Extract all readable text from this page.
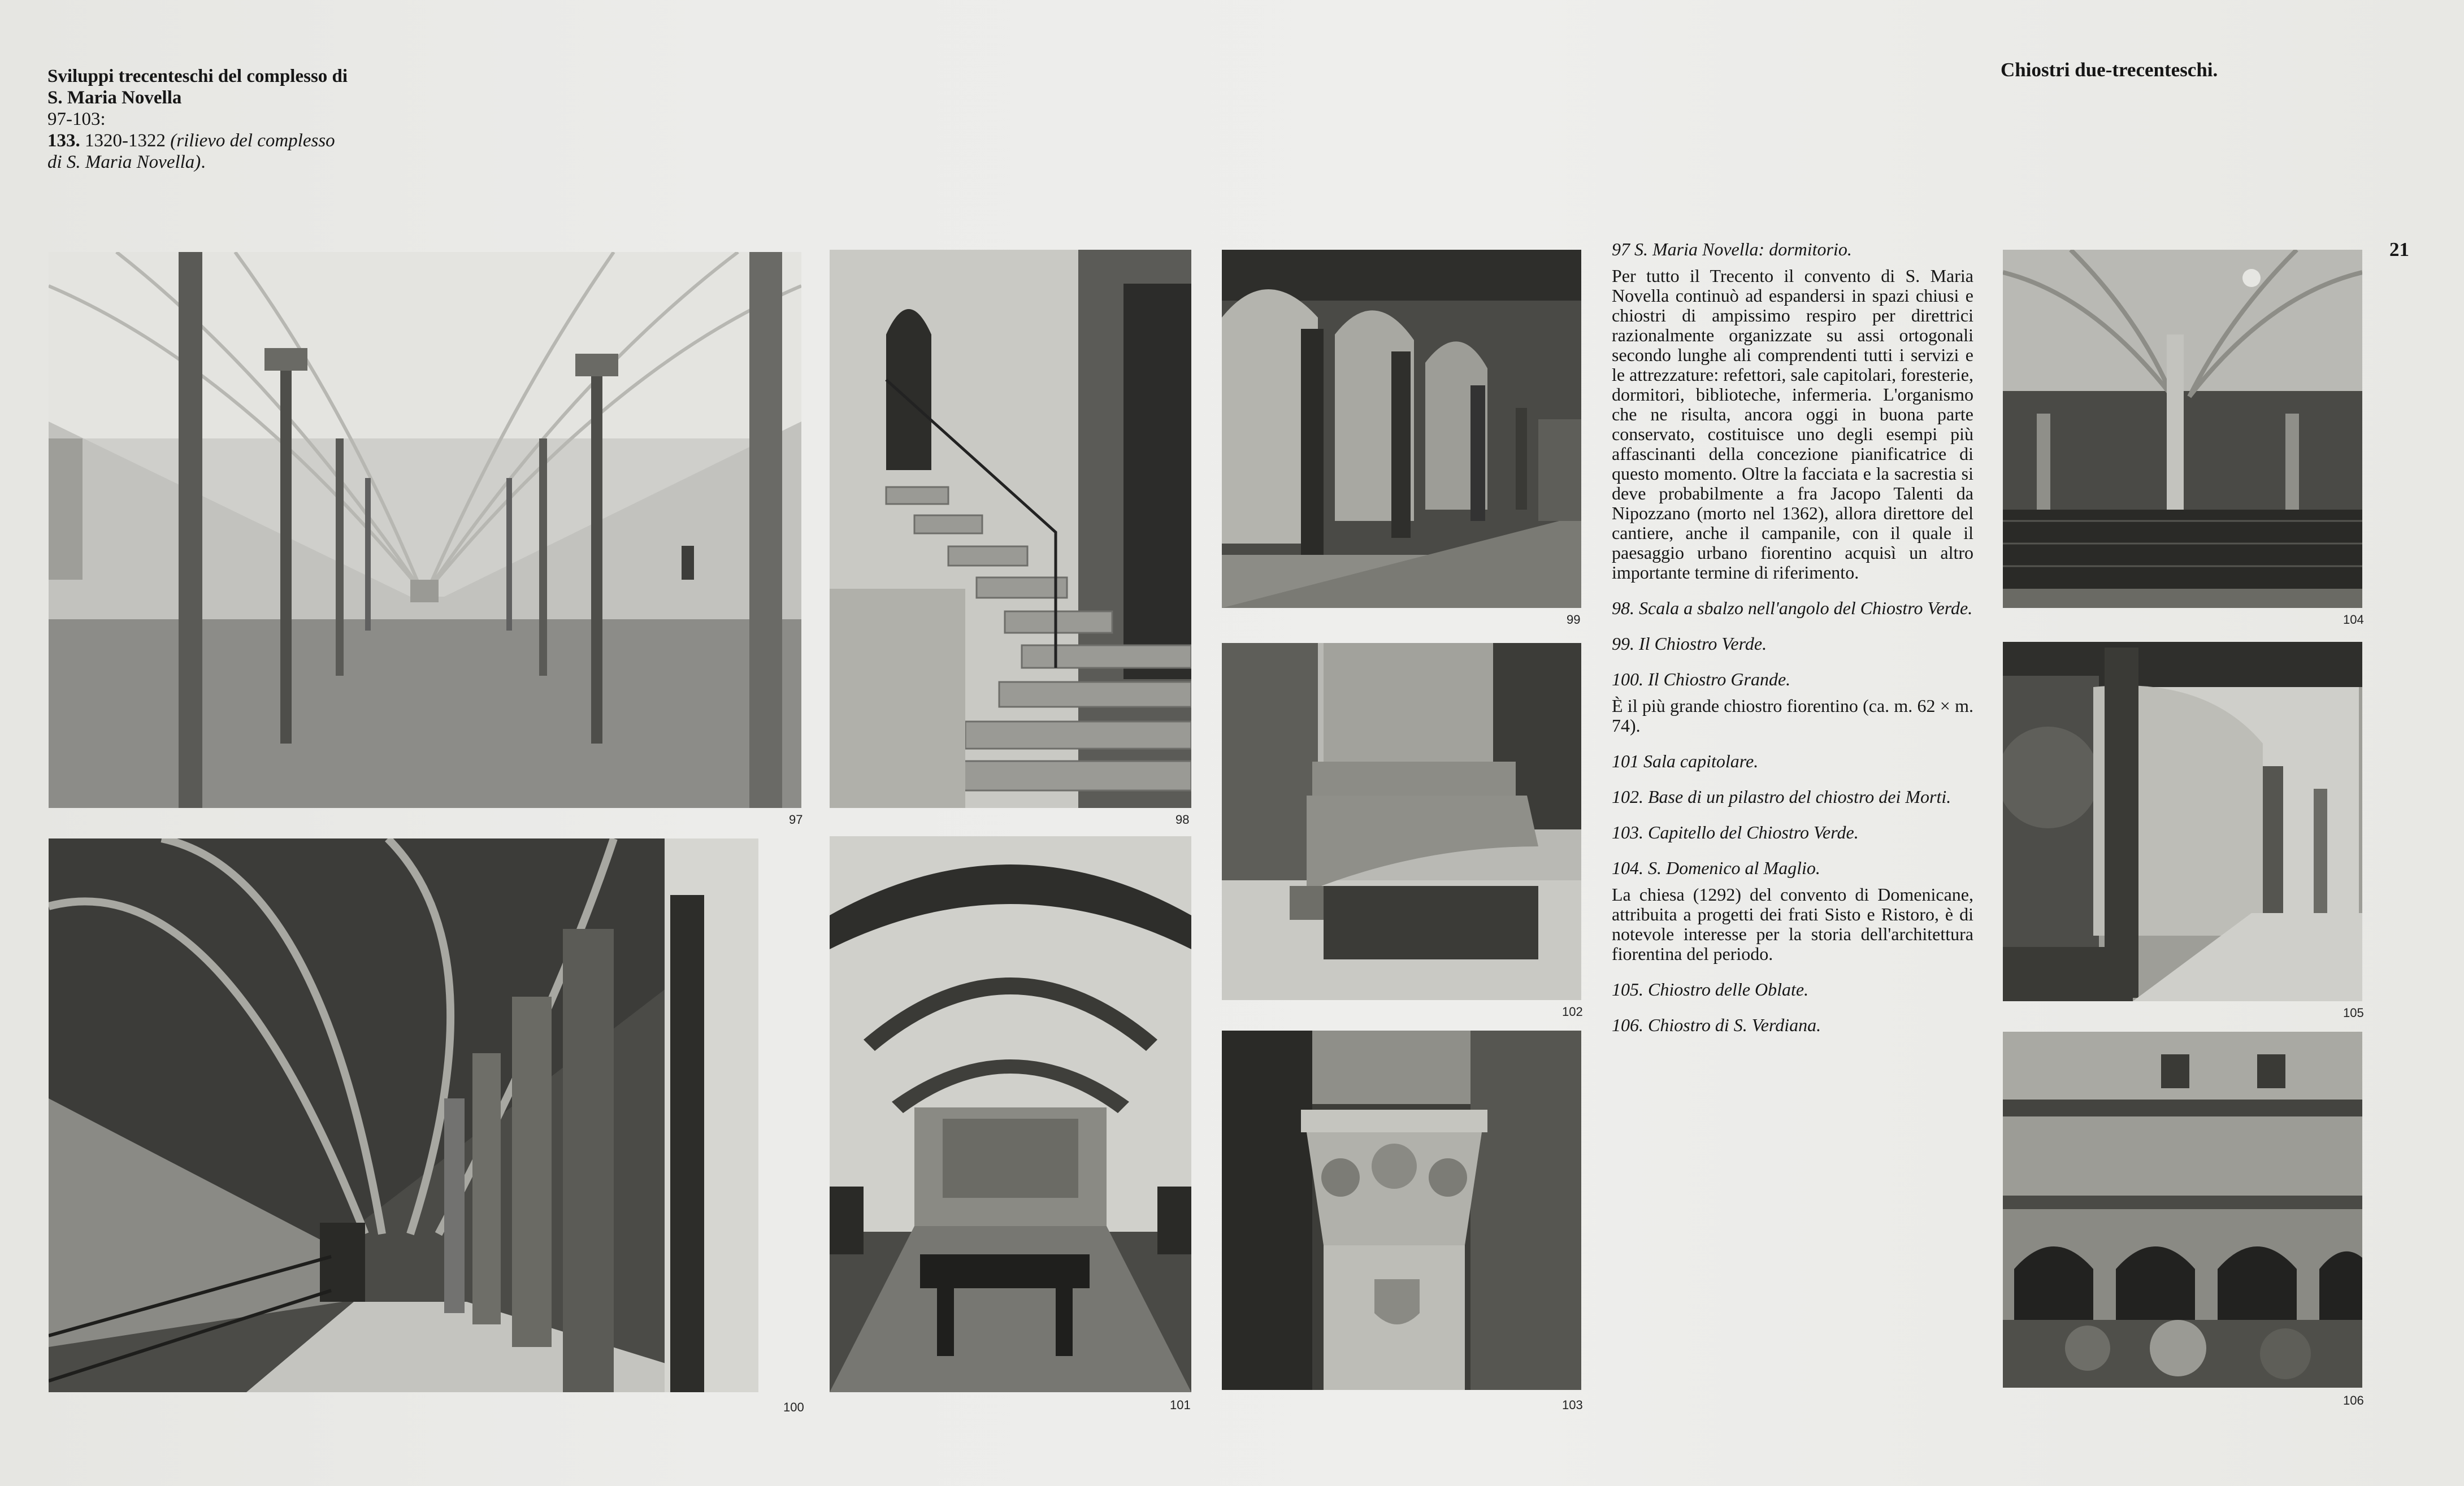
Sviluppi trecenteschi del complesso di
S. Maria Novella
97-103:
133. 1320-1322 (rilievo del complesso
di S. Maria Novella).
Chiostri due-trecenteschi.
21
97	98
99
100	101
102
103
104
105
106

97 S. Maria Novella: dormitorio.

Per tutto il Trecento il convento di S. Maria Novella continuò ad espandersi in spazi chiusi e chiostri di ampissimo respiro per direttrici razionalmente organizzate su assi ortogonali secondo lunghe ali comprendenti tutti i servizi e le attrezzature: refettori, sale capitolari, foresterie, dormitori, biblioteche, infermeria. L'organismo che ne risulta, ancora oggi in buona parte conservato, costituisce uno degli esempi più affascinanti della concezione pianificatrice di questo momento. Oltre la facciata e la sacrestia si deve probabilmente a fra Jacopo Talenti da Nipozzano (morto nel 1362), allora direttore del cantiere, anche il campanile, con il quale il paesaggio urbano fiorentino acquisì un altro importante termine di riferimento.

98. Scala a sbalzo nell'angolo del Chiostro Verde.

99. Il Chiostro Verde.

100. Il Chiostro Grande.

È il più grande chiostro fiorentino (ca. m. 62 × m. 74).

101 Sala capitolare.

102. Base di un pilastro del chiostro dei Morti.

103. Capitello del Chiostro Verde.

104. S. Domenico al Maglio.

La chiesa (1292) del convento di Domenicane, attribuita a progetti dei frati Sisto e Ristoro, è di notevole interesse per la storia dell'architettura fiorentina del periodo.

105. Chiostro delle Oblate.

106. Chiostro di S. Verdiana.
